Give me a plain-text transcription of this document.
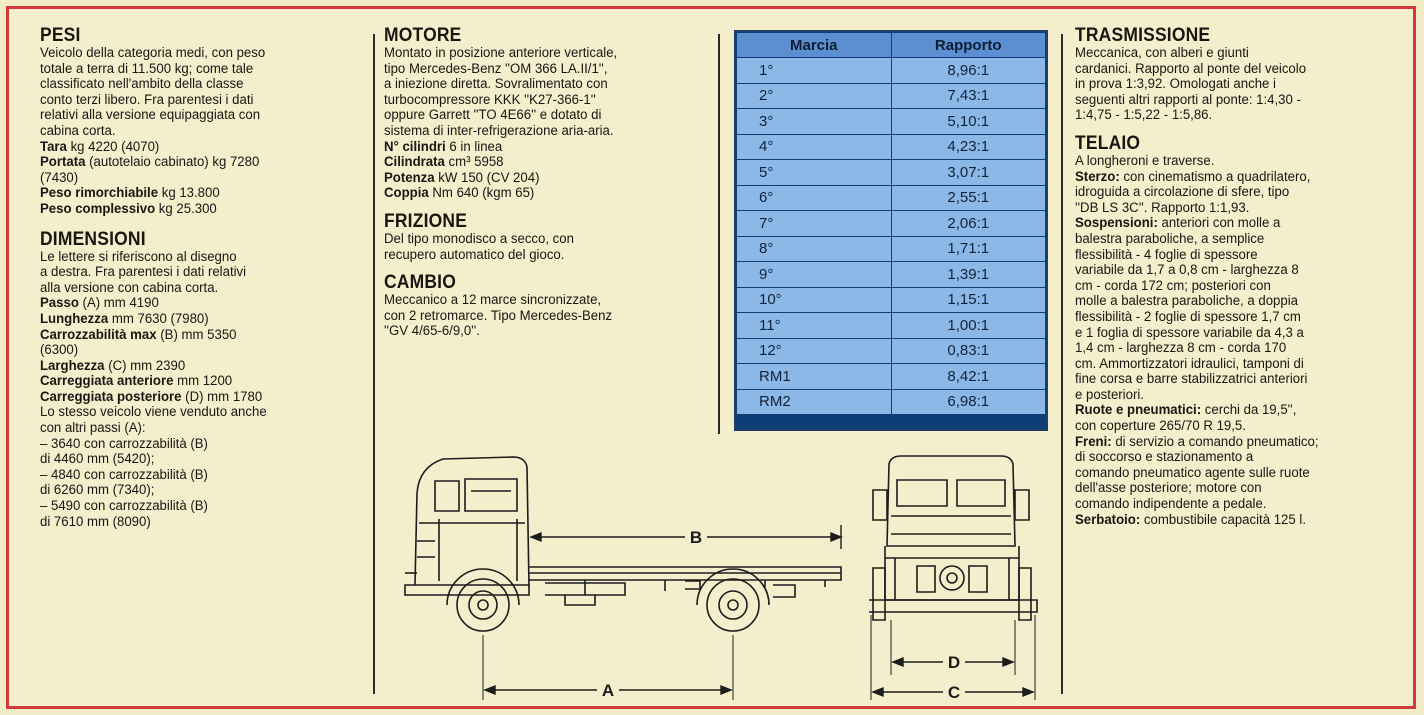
PESI

Veicolo della categoria medi, con peso

totale a terra di 11.500 kg; come tale

classificato nell'ambito della classe

conto terzi libero. Fra parentesi i dati

relativi alla versione equipaggiata con

cabina corta.

Tara kg 4220 (4070)

Portata (autotelaio cabinato) kg 7280

(7430)

Peso rimorchiabile kg 13.800

Peso complessivo kg 25.300

DIMENSIONI

Le lettere si riferiscono al disegno

a destra. Fra parentesi i dati relativi

alla versione con cabina corta.

Passo (A) mm 4190

Lunghezza mm 7630 (7980)

Carrozzabilità max (B) mm 5350

(6300)

Larghezza (C) mm 2390

Carreggiata anteriore mm 1200

Carreggiata posteriore (D) mm 1780

Lo stesso veicolo viene venduto anche

con altri passi (A):

– 3640 con carrozzabilità (B)

di 4460 mm (5420);

– 4840 con carrozzabilità (B)

di 6260 mm (7340);

– 5490 con carrozzabilità (B)

di 7610 mm (8090)

MOTORE

Montato in posizione anteriore verticale,

tipo Mercedes-Benz ''OM 366 LA.II/1'',

a iniezione diretta. Sovralimentato con

turbocompressore KKK ''K27-366-1''

oppure Garrett ''TO 4E66'' e dotato di

sistema di inter-refrigerazione aria-aria.

N° cilindri 6 in linea

Cilindrata cm³ 5958

Potenza kW 150 (CV 204)

Coppia Nm 640 (kgm 65)

FRIZIONE

Del tipo monodisco a secco, con

recupero automatico del gioco.

CAMBIO

Meccanico a 12 marce sincronizzate,

con 2 retromarce. Tipo Mercedes-Benz

''GV 4/65-6/9,0''.

Marcia	Rapporto
1°	8,96:1
2°	7,43:1
3°	5,10:1
4°	4,23:1
5°	3,07:1
6°	2,55:1
7°	2,06:1
8°	1,71:1
9°	1,39:1
10°	1,15:1
11°	1,00:1
12°	0,83:1
RM1	8,42:1
RM2	6,98:1
TRASMISSIONE

Meccanica, con alberi e giunti

cardanici. Rapporto al ponte del veicolo

in prova 1:3,92. Omologati anche i

seguenti altri rapporti al ponte: 1:4,30 -

1:4,75 - 1:5,22 - 1:5,86.

TELAIO

A longheroni e traverse.

Sterzo: con cinematismo a quadrilatero,

idroguida a circolazione di sfere, tipo

''DB LS 3C''. Rapporto 1:1,93.

Sospensioni: anteriori con molle a

balestra paraboliche, a semplice

flessibilità - 4 foglie di spessore

variabile da 1,7 a 0,8 cm - larghezza 8

cm - corda 172 cm; posteriori con

molle a balestra paraboliche, a doppia

flessibilità - 2 foglie di spessore 1,7 cm

e 1 foglia di spessore variabile da 4,3 a

1,4 cm - larghezza 8 cm - corda 170

cm. Ammortizzatori idraulici, tamponi di

fine corsa e barre stabilizzatrici anteriori

e posteriori.

Ruote e pneumatici: cerchi da 19,5'',

con coperture 265/70 R 19,5.

Freni: di servizio a comando pneumatico;

di soccorso e stazionamento a

comando pneumatico agente sulle ruote

dell'asse posteriore; motore con

comando indipendente a pedale.

Serbatoio: combustibile capacità 125 l.

B
A
D
C
